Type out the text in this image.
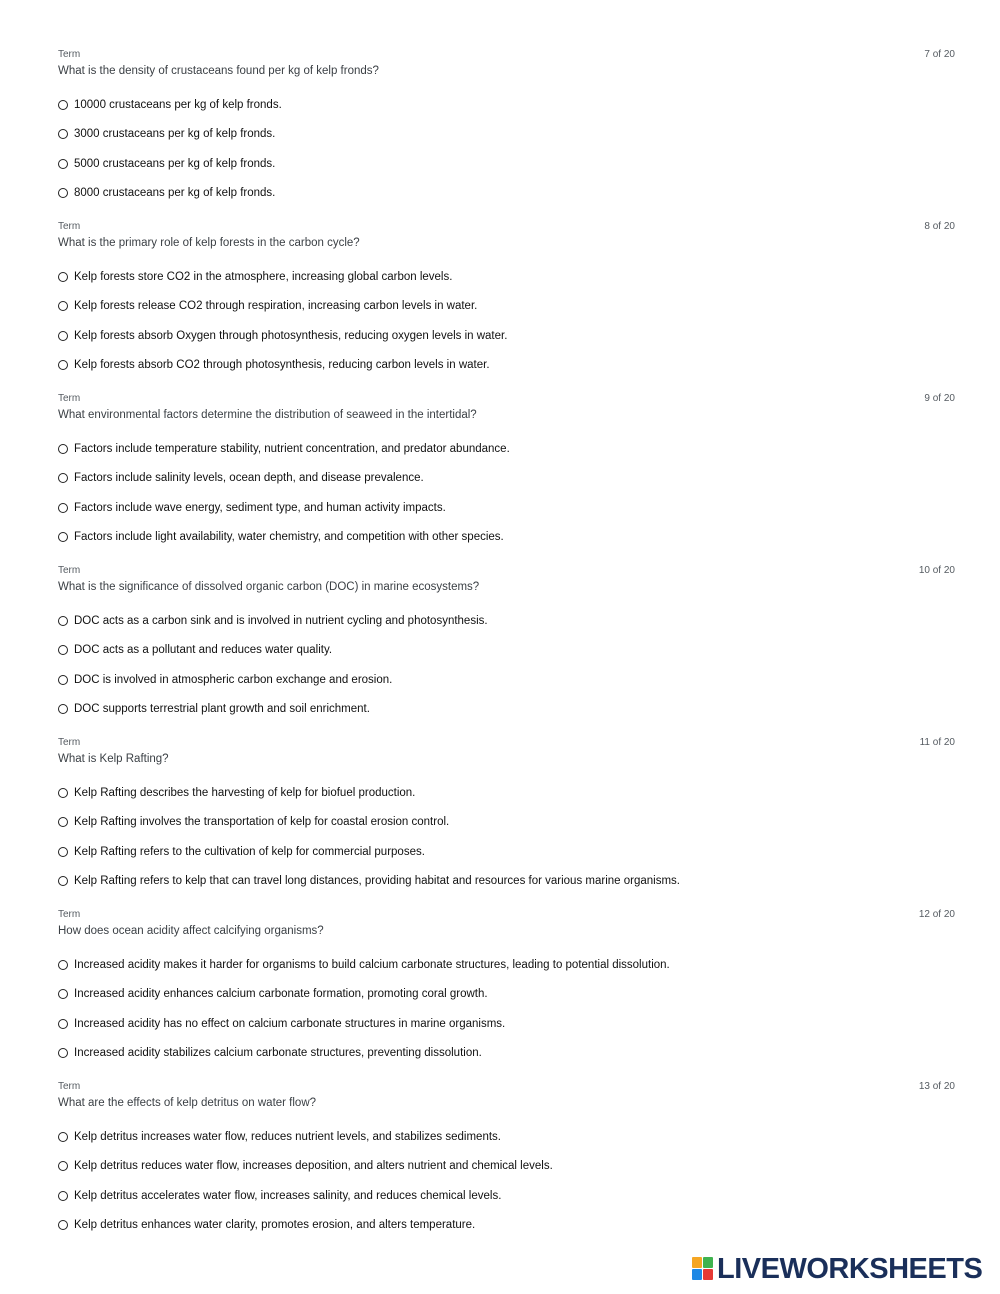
Term	7 of 20
What is the density of crustaceans found per kg of kelp fronds?
10000 crustaceans per kg of kelp fronds.
3000 crustaceans per kg of kelp fronds.
5000 crustaceans per kg of kelp fronds.
8000 crustaceans per kg of kelp fronds.
Term	8 of 20
What is the primary role of kelp forests in the carbon cycle?
Kelp forests store CO2 in the atmosphere, increasing global carbon levels.
Kelp forests release CO2 through respiration, increasing carbon levels in water.
Kelp forests absorb Oxygen through photosynthesis, reducing oxygen levels in water.
Kelp forests absorb CO2 through photosynthesis, reducing carbon levels in water.
Term	9 of 20
What environmental factors determine the distribution of seaweed in the intertidal?
Factors include temperature stability, nutrient concentration, and predator abundance.
Factors include salinity levels, ocean depth, and disease prevalence.
Factors include wave energy, sediment type, and human activity impacts.
Factors include light availability, water chemistry, and competition with other species.
Term	10 of 20
What is the significance of dissolved organic carbon (DOC) in marine ecosystems?
DOC acts as a carbon sink and is involved in nutrient cycling and photosynthesis.
DOC acts as a pollutant and reduces water quality.
DOC is involved in atmospheric carbon exchange and erosion.
DOC supports terrestrial plant growth and soil enrichment.
Term	11 of 20
What is Kelp Rafting?
Kelp Rafting describes the harvesting of kelp for biofuel production.
Kelp Rafting involves the transportation of kelp for coastal erosion control.
Kelp Rafting refers to the cultivation of kelp for commercial purposes.
Kelp Rafting refers to kelp that can travel long distances, providing habitat and resources for various marine organisms.
Term	12 of 20
How does ocean acidity affect calcifying organisms?
Increased acidity makes it harder for organisms to build calcium carbonate structures, leading to potential dissolution.
Increased acidity enhances calcium carbonate formation, promoting coral growth.
Increased acidity has no effect on calcium carbonate structures in marine organisms.
Increased acidity stabilizes calcium carbonate structures, preventing dissolution.
Term	13 of 20
What are the effects of kelp detritus on water flow?
Kelp detritus increases water flow, reduces nutrient levels, and stabilizes sediments.
Kelp detritus reduces water flow, increases deposition, and alters nutrient and chemical levels.
Kelp detritus accelerates water flow, increases salinity, and reduces chemical levels.
Kelp detritus enhances water clarity, promotes erosion, and alters temperature.
LIVEWORKSHEETS
